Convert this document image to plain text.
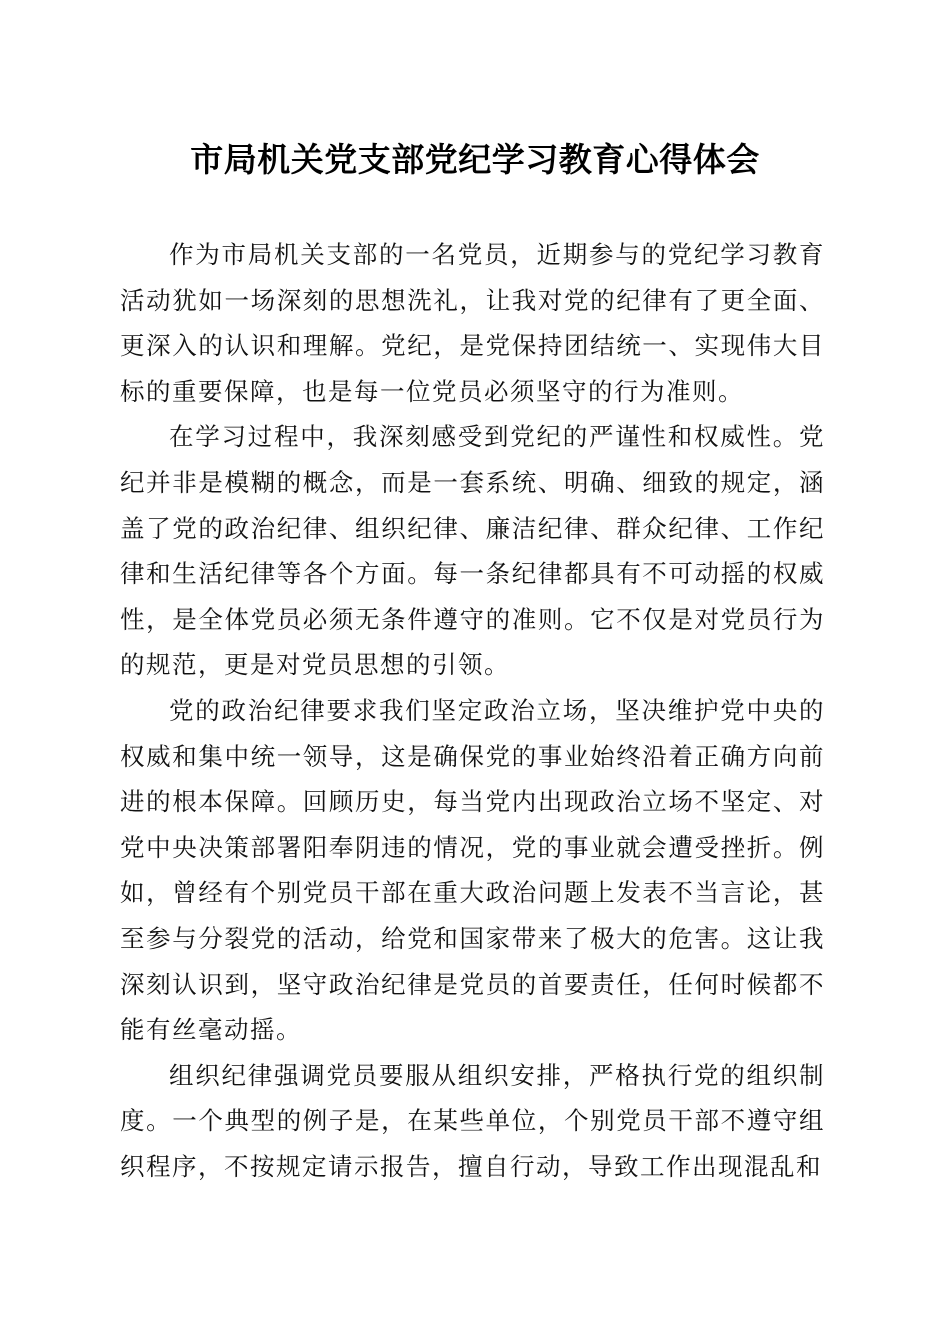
市局机关党支部党纪学习教育心得体会

作为市局机关支部的一名党员，近期参与的党纪学习教育活动犹如一场深刻的思想洗礼，让我对党的纪律有了更全面、更深入的认识和理解。党纪，是党保持团结统一、实现伟大目标的重要保障，也是每一位党员必须坚守的行为准则。

在学习过程中，我深刻感受到党纪的严谨性和权威性。党纪并非是模糊的概念，而是一套系统、明确、细致的规定，涵盖了党的政治纪律、组织纪律、廉洁纪律、群众纪律、工作纪律和生活纪律等各个方面。每一条纪律都具有不可动摇的权威性，是全体党员必须无条件遵守的准则。它不仅是对党员行为的规范，更是对党员思想的引领。

党的政治纪律要求我们坚定政治立场，坚决维护党中央的权威和集中统一领导，这是确保党的事业始终沿着正确方向前进的根本保障。回顾历史，每当党内出现政治立场不坚定、对党中央决策部署阳奉阴违的情况，党的事业就会遭受挫折。例如，曾经有个别党员干部在重大政治问题上发表不当言论，甚至参与分裂党的活动，给党和国家带来了极大的危害。这让我深刻认识到，坚守政治纪律是党员的首要责任，任何时候都不能有丝毫动摇。

组织纪律强调党员要服从组织安排，严格执行党的组织制度。一个典型的例子是，在某些单位，个别党员干部不遵守组织程序，不按规定请示报告，擅自行动，导致工作出现混乱和
